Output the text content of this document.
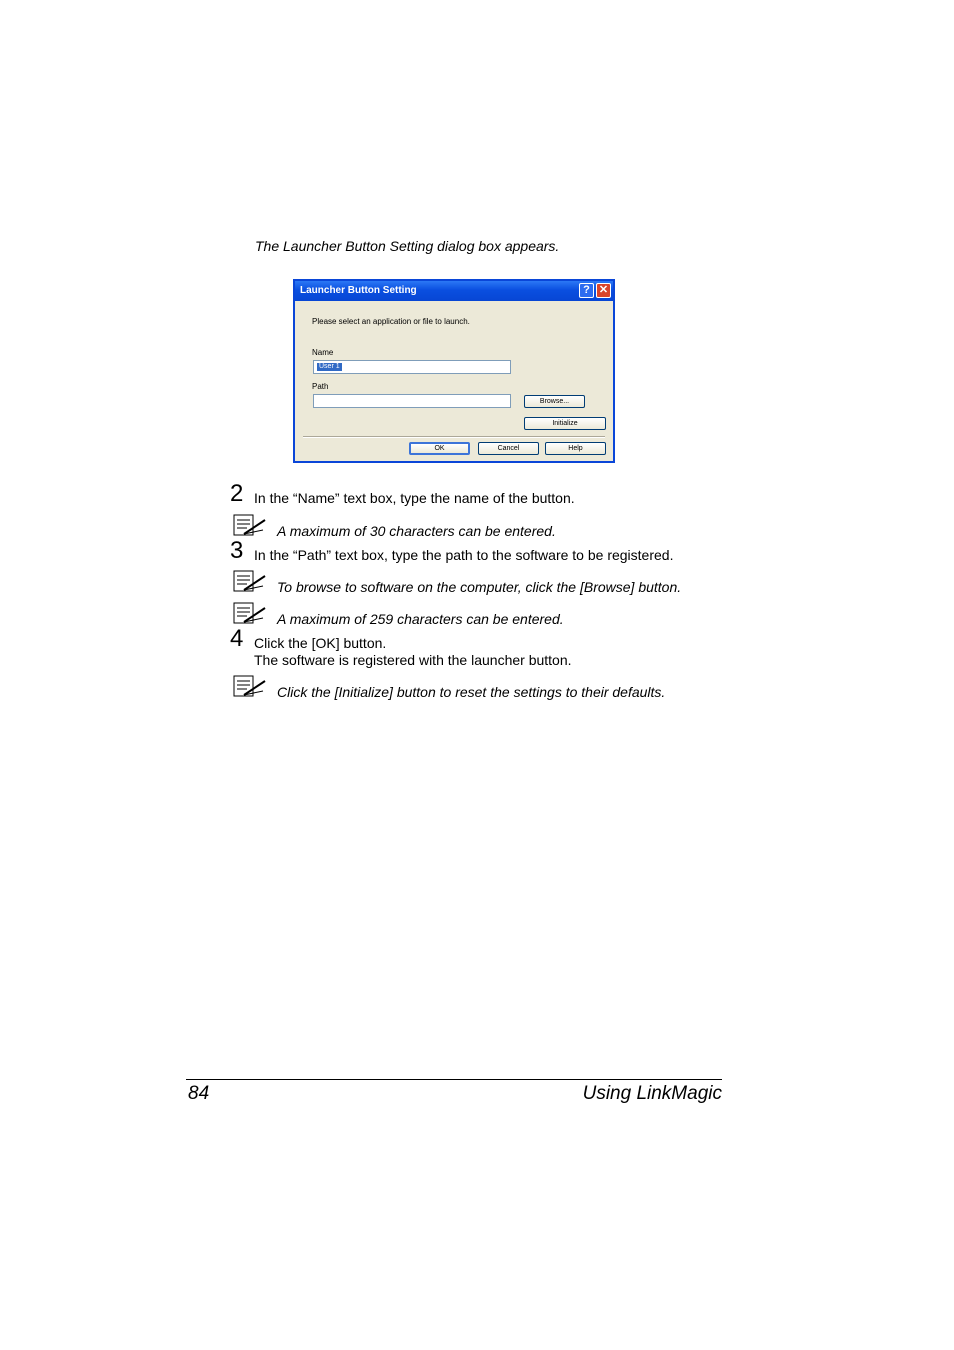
The Launcher Button Setting dialog box appears.
Launcher Button Setting	? ✕
Please select an application or file to launch.
Name
User 1
Path
Browse...
Initialize
OK	Cancel	Help
2 In the “Name” text box, type the name of the button.
A maximum of 30 characters can be entered.
3 In the “Path” text box, type the path to the software to be registered.
To browse to software on the computer, click the [Browse] button.
A maximum of 259 characters can be entered.
4 Click the [OK] button.
The software is registered with the launcher button.
Click the [Initialize] button to reset the settings to their defaults.
84	Using LinkMagic
